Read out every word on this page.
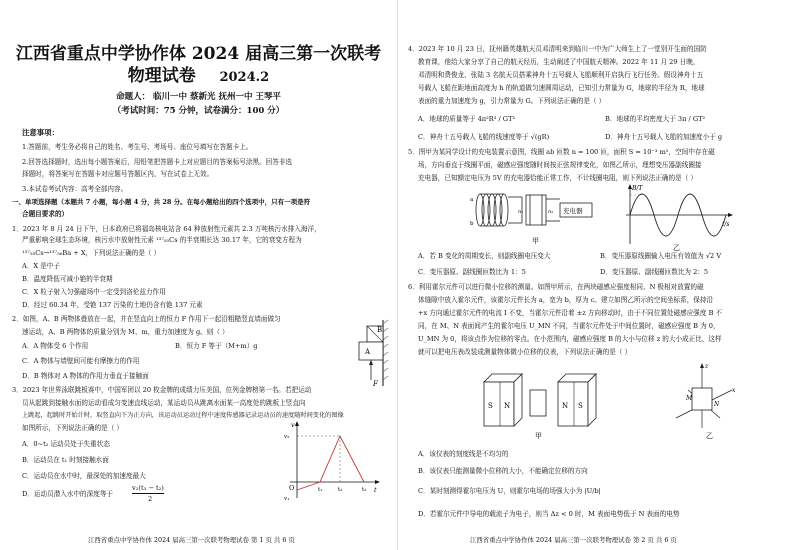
江西省重点中学协作体 2024 届高三第一次联考
物理试卷 2024.2
命题人： 临川一中 蔡新光 抚州一中 王琴平
（考试时间：75 分钟，试卷满分：100 分）
注意事项：
1.答题前，考生务必将自己的姓名、考生号、考场号、座位号填写在答题卡上。
2.回答选择题时，选出每小题答案后，用铅笔把答题卡上对应题目的答案标号涂黑。回答非选
择题时，将答案写在答题卡对应题号答题区内，写在试卷上无效。
3.本试卷考试内容：高考全部内容。
一、单项选择题（本题共 7 小题，每小题 4 分，共 28 分。在每小题给出的四个选项中，只有一项是符
合题目要求的）
1．2023 年 8 月 24 日下午，日本政府已将福岛核电站含 64 种放射性元素共 2.3 万吨核污水排入海洋，
严重影响全球生态环境，核污水中放射性元素 ¹³⁷₅₅Cs 的半衰期长达 30.17 年，它的衰变方程为
¹³⁷₅₅Cs→¹³⁷₅₆Ba + X，下列说法正确的是（ ）
A．X 是中子
B．温度降低可减小铯的半衰期
C．X 粒子射入匀强磁场中一定受到洛伦兹力作用
D．经过 60.34 年，受铯 137 污染的土地仍含有铯 137 元素
2．如图，A、B 两物体叠放在一起，并在竖直向上的恒力 F 作用下一起沿粗糙竖直墙面做匀
速运动，A、B 两物体的质量分别为 M、m，重力加速度为 g。则（ ）
A．A 物体受 6 个作用	B．恒力 F 等于（M+m）g
C．A 物体与墙壁间可能有摩擦力的作用
D．B 物体对 A 物体的作用力垂直于接触面
B
A
F
3．2023 年世界泳联跳板赛中，中国军团以 20 枚金牌的成绩力压美国，位列金牌榜第一名。若把运动
员从起跳到接触水面的运动看成匀变速直线运动，某运动员从跳离水面某一高度处的跳板上竖直向
上跳起，起跳时开始计时，取竖直向下为正方向，该运动员运动过程中速度传感器记录运动员的速度随时间变化的图像
如图所示，下列说法正确的是（ ）
A．0~t₂ 运动员处于失重状态
B．运动员在 t₁ 时刻接触水面
C．运动员在水中时，最深处的加速度最大
D．运动员潜入水中的深度等于
v₂(t₃ − t₂)
2
v
t
O
v₂
v₁
t₁	t₂	t₃
江西省重点中学协作体 2024 届高三第一次联考物理试卷 第 1 页 共 6 页
4．2023 年 10 月 23 日，抚州籍英雄航天员邓清明来到临川一中为广大师生上了一堂别开生面的国防
教育课，他给大家分享了自己的航天经历，生动阐述了中国航天精神。2022 年 11 月 29 日晚，
邓清明和费俊龙、张陆 3 名航天员搭乘神舟十五号载人飞船顺利开启执行飞行任务。假设神舟十五
号载人飞船在距地面高度为 h 的轨道做匀速圆周运动，已知引力常量为 G，地球的半径为 R，地球
表面的重力加速度为 g，引力常量为 G。下列说法正确的是（ ）
A．地球的质量等于 4π²R³ / GT²	B．地球的平均密度大于 3π / GT²
C．神舟十五号载人飞船的线速度等于 √(gR)	D．神舟十五号载人飞船的加速度小于 g
5．图甲为某同学设计的充电装置示意图，线圈 ab 匝数 n = 100 匝，面积 S = 10⁻³ m²，空间中存在磁
场，方向垂直于线圈平面，磁感应强度随时间按正弦规律变化，如图乙所示，理想变压器副线圈接
充电器，已知额定电压为 5V 的充电器恰能正常工作，不计线圈电阻，则下列说法正确的是（ ）
充电器
a
b
n₁	n₂
甲
B/T
t/s
乙
A．若 B 变化的周期变长，则副线圈电压变大	B．变压器原线圈输入电压有效值为 √2 V
C．变压器原、副线圈匝数比为 1：5	D．变压器原、副线圈匝数比为 2：5
6．利用霍尔元件可以进行微小位移的测量。如图甲所示，在两块磁感应强度相同、N 极相对放置的磁
体缝隙中放入霍尔元件，该霍尔元件长为 a，宽为 b，厚为 c。建立如图乙所示的空间坐标系，保持沿
+x 方向通过霍尔元件的电流 I 不变，当霍尔元件沿着 ±z 方向移动时，由于不同位置处磁感应强度 B 不
同，在 M、N 表面间产生的霍尔电压 U_MN 不同，当霍尔元件处于中间位置时，磁感应强度 B 为 0，
U_MN 为 0，将该点作为位移的零点。在小范围内，磁感应强度 B 的大小与位移 z 的大小成正比，这样
就可以把电压表改装成测量物体微小位移的仪表，下列说法正确的是（ ）
S N	N S
甲
z
x
M
N
乙
A．该仪表的刻度线是不均匀的
B．该仪表只能测量微小位移的大小，不能确定位移的方向
C．某时刻测得霍尔电压为 U，则霍尔电场的场强大小为 |U/b|
D．若霍尔元件中导电的载流子为电子，则当 Δz < 0 时，M 表面电势低于 N 表面的电势
江西省重点中学协作体 2024 届高三第一次联考物理试卷 第 2 页 共 6 页
